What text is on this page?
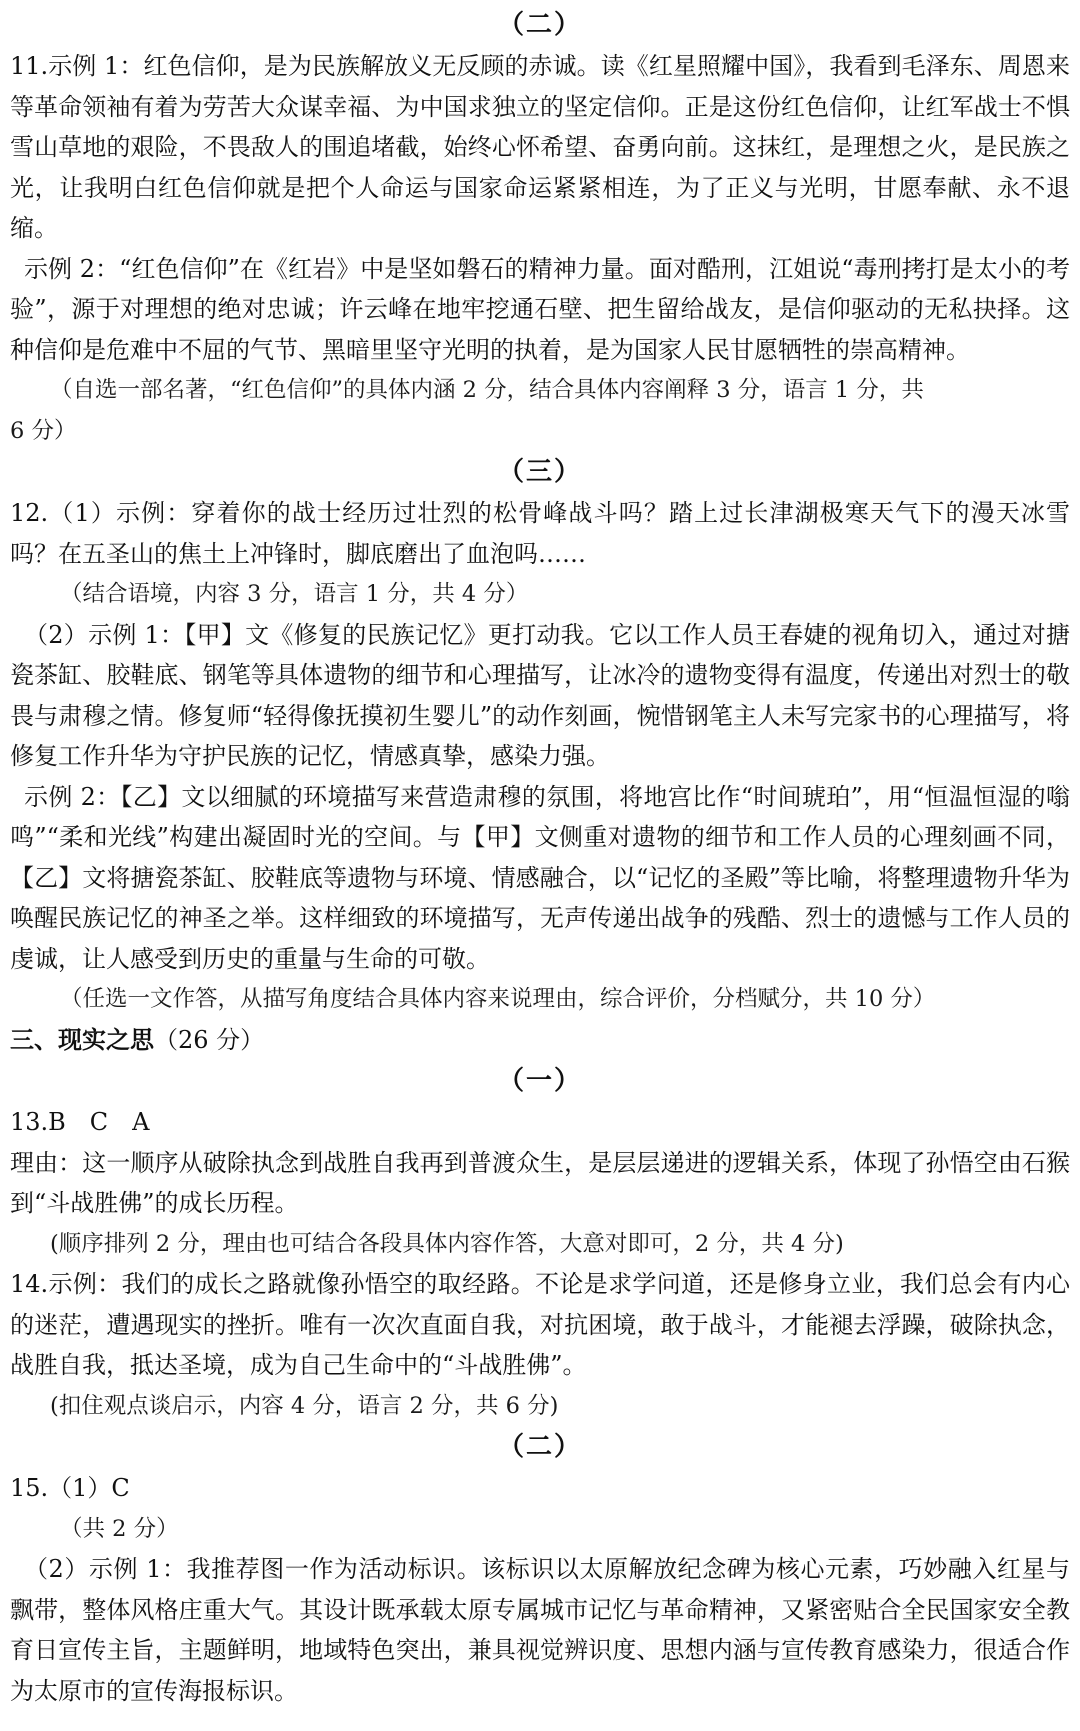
（二）

11.示例 1：红色信仰，是为民族解放义无反顾的赤诚。读《红星照耀中国》，我看到毛泽东、周恩来等革命领袖有着为劳苦大众谋幸福、为中国求独立的坚定信仰。正是这份红色信仰，让红军战士不惧雪山草地的艰险，不畏敌人的围追堵截，始终心怀希望、奋勇向前。这抹红，是理想之火，是民族之光，让我明白红色信仰就是把个人命运与国家命运紧紧相连，为了正义与光明，甘愿奉献、永不退缩。

示例 2：“红色信仰”在《红岩》中是坚如磐石的精神力量。面对酷刑，江姐说“毒刑拷打是太小的考验”，源于对理想的绝对忠诚；许云峰在地牢挖通石壁、把生留给战友，是信仰驱动的无私抉择。这种信仰是危难中不屈的气节、黑暗里坚守光明的执着，是为国家人民甘愿牺牲的崇高精神。

（自选一部名著，“红色信仰”的具体内涵 2 分，结合具体内容阐释 3 分，语言 1 分，共

6 分）

（三）

12.（1）示例：穿着你的战士经历过壮烈的松骨峰战斗吗？踏上过长津湖极寒天气下的漫天冰雪吗？在五圣山的焦土上冲锋时，脚底磨出了血泡吗……

（结合语境，内容 3 分，语言 1 分，共 4 分）

（2）示例 1：【甲】文《修复的民族记忆》更打动我。它以工作人员王春婕的视角切入，通过对搪瓷茶缸、胶鞋底、钢笔等具体遗物的细节和心理描写，让冰冷的遗物变得有温度，传递出对烈士的敬畏与肃穆之情。修复师“轻得像抚摸初生婴儿”的动作刻画，惋惜钢笔主人未写完家书的心理描写，将修复工作升华为守护民族的记忆，情感真挚，感染力强。

示例 2：【乙】文以细腻的环境描写来营造肃穆的氛围，将地宫比作“时间琥珀”，用“恒温恒湿的嗡鸣”“柔和光线”构建出凝固时光的空间。与【甲】文侧重对遗物的细节和工作人员的心理刻画不同，【乙】文将搪瓷茶缸、胶鞋底等遗物与环境、情感融合，以“记忆的圣殿”等比喻，将整理遗物升华为唤醒民族记忆的神圣之举。这样细致的环境描写，无声传递出战争的残酷、烈士的遗憾与工作人员的虔诚，让人感受到历史的重量与生命的可敬。

（任选一文作答，从描写角度结合具体内容来说理由，综合评价，分档赋分，共 10 分）

三、现实之思（26 分）
（一）

13.B　C　A

理由：这一顺序从破除执念到战胜自我再到普渡众生，是层层递进的逻辑关系，体现了孙悟空由石猴到“斗战胜佛”的成长历程。

(顺序排列 2 分，理由也可结合各段具体内容作答，大意对即可，2 分，共 4 分)

14.示例：我们的成长之路就像孙悟空的取经路。不论是求学问道，还是修身立业，我们总会有内心的迷茫，遭遇现实的挫折。唯有一次次直面自我，对抗困境，敢于战斗，才能褪去浮躁，破除执念，战胜自我，抵达圣境，成为自己生命中的“斗战胜佛”。

(扣住观点谈启示，内容 4 分，语言 2 分，共 6 分)

（二）

15.（1）C

（共 2 分）

（2）示例 1：我推荐图一作为活动标识。该标识以太原解放纪念碑为核心元素，巧妙融入红星与飘带，整体风格庄重大气。其设计既承载太原专属城市记忆与革命精神，又紧密贴合全民国家安全教育日宣传主旨，主题鲜明，地域特色突出，兼具视觉辨识度、思想内涵与宣传教育感染力，很适合作为太原市的宣传海报标识。
